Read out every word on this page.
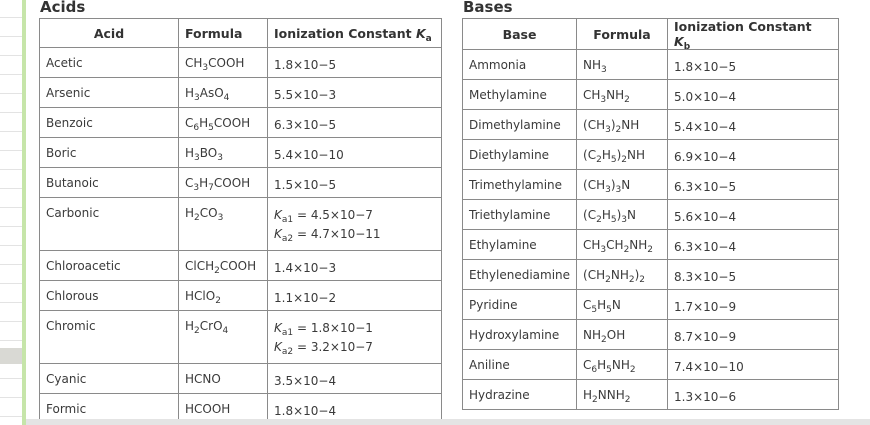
Acids
Acid	Formula	Ionization Constant $K_a$
Acetic	$CH_3COOH$	1.8×10−5

Arsenic	$H_3AsO_4$	5.5×10−3

Benzoic	$C_6H_5COOH$	6.3×10−5

Boric	$H_3BO_3$	5.4×10−10

Butanoic	$C_3H_7COOH$	1.5×10−5

Carbonic	$H_2CO_3$	$K_{a1} = 4.5\times 10-7$
$K_{a2} = 4.7\times 10-11$

Chloroacetic	ClCH$_2$COOH	1.4×10−3

Chlorous	HClO$_2$	1.1×10−2

Chromic	$H_2CrO_4$	$K_{a1} = 1.8\times 10-1$
$K_{a2} = 3.2\times 10-7$

Cyanic	HCNO	3.5×10−4

Formic	HCOOH	1.8×10−4
Bases
Base	Formula	Ionization Constant $K_b$
Ammonia	$NH_3$	1.8×10−5

Methylamine	$CH_3NH_2$	5.0×10−4

Dimethylamine	$(CH_3)_2NH$	5.4×10−4

Diethylamine	$(C_2H_5)_2NH$	6.9×10−4

Trimethylamine	$(CH_3)_3N$	6.3×10−5

Triethylamine	$(C_2H_5)_3N$	5.6×10−4

Ethylamine	$CH_3CH_2NH_2$	6.3×10−4

Ethylenediamine	$(CH_2NH_2)_2$	8.3×10−5

Pyridine	$C_5H_5N$	1.7×10−9

Hydroxylamine	$NH_2OH$	8.7×10−9

Aniline	$C_6H_5NH_2$	7.4×10−10

Hydrazine	$H_2NNH_2$	1.3×10−6
